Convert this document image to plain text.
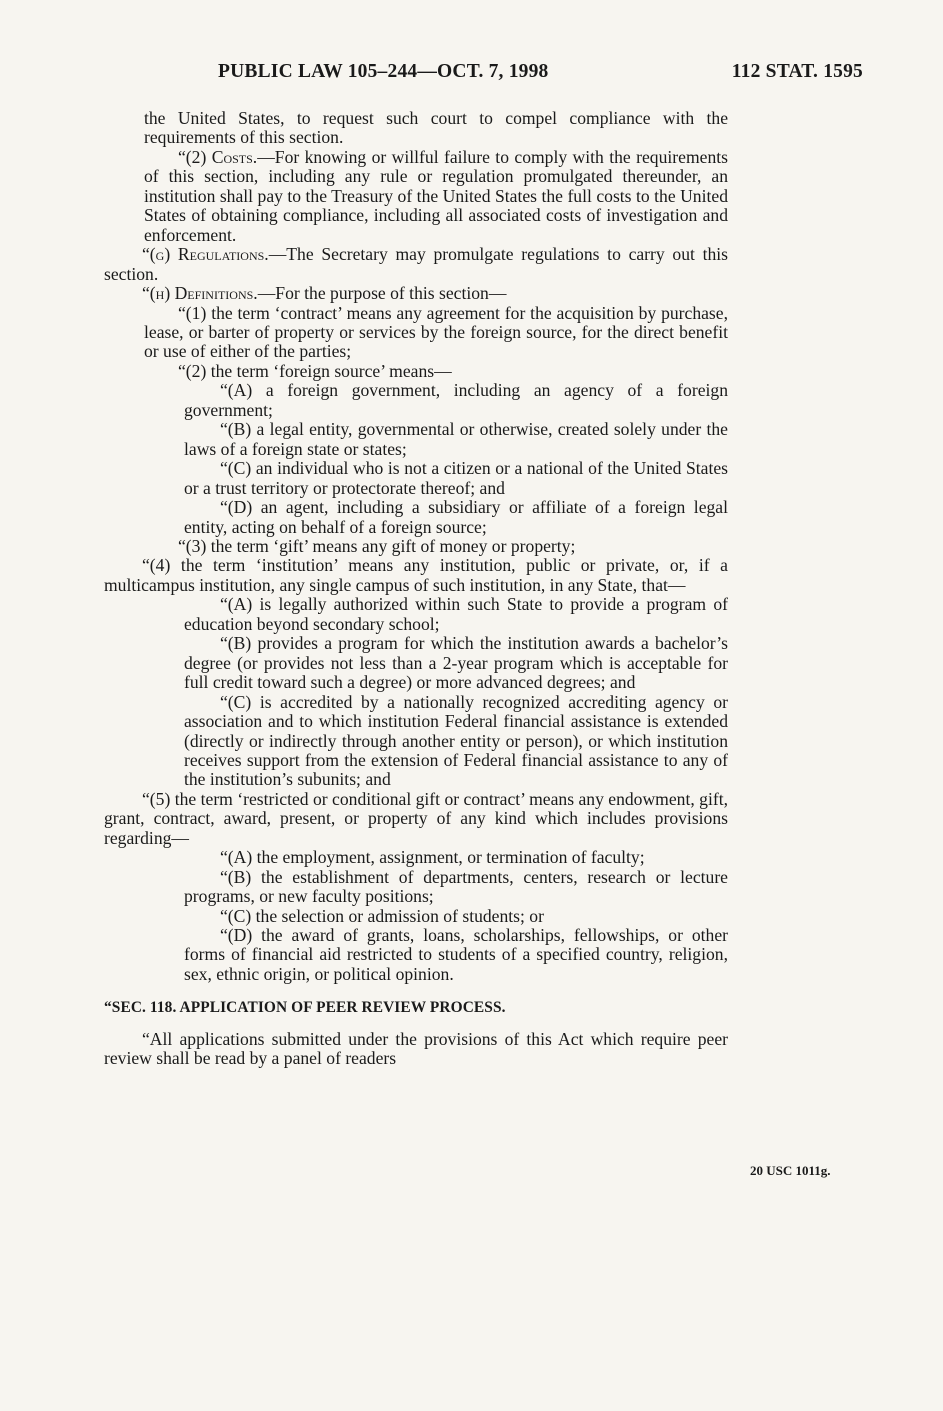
PUBLIC LAW 105–244—OCT. 7, 1998	112 STAT. 1595

the United States, to request such court to compel compliance with the requirements of this section.

“(2) Costs.—For knowing or willful failure to comply with the requirements of this section, including any rule or regulation promulgated thereunder, an institution shall pay to the Treasury of the United States the full costs to the United States of obtaining compliance, including all associated costs of investigation and enforcement.

“(g) Regulations.—The Secretary may promulgate regulations to carry out this section.

“(h) Definitions.—For the purpose of this section—

“(1) the term ‘contract’ means any agreement for the acquisition by purchase, lease, or barter of property or services by the foreign source, for the direct benefit or use of either of the parties;

“(2) the term ‘foreign source’ means—

“(A) a foreign government, including an agency of a foreign government;

“(B) a legal entity, governmental or otherwise, created solely under the laws of a foreign state or states;

“(C) an individual who is not a citizen or a national of the United States or a trust territory or protectorate thereof; and

“(D) an agent, including a subsidiary or affiliate of a foreign legal entity, acting on behalf of a foreign source;

“(3) the term ‘gift’ means any gift of money or property;

“(4) the term ‘institution’ means any institution, public or private, or, if a multicampus institution, any single campus of such institution, in any State, that—

“(A) is legally authorized within such State to provide a program of education beyond secondary school;

“(B) provides a program for which the institution awards a bachelor’s degree (or provides not less than a 2-year program which is acceptable for full credit toward such a degree) or more advanced degrees; and

“(C) is accredited by a nationally recognized accrediting agency or association and to which institution Federal financial assistance is extended (directly or indirectly through another entity or person), or which institution receives support from the extension of Federal financial assistance to any of the institution’s subunits; and

“(5) the term ‘restricted or conditional gift or contract’ means any endowment, gift, grant, contract, award, present, or property of any kind which includes provisions regarding—

“(A) the employment, assignment, or termination of faculty;

“(B) the establishment of departments, centers, research or lecture programs, or new faculty positions;

“(C) the selection or admission of students; or

“(D) the award of grants, loans, scholarships, fellowships, or other forms of financial aid restricted to students of a specified country, religion, sex, ethnic origin, or political opinion.

“SEC. 118. APPLICATION OF PEER REVIEW PROCESS.

“All applications submitted under the provisions of this Act which require peer review shall be read by a panel of readers

20 USC 1011g.
